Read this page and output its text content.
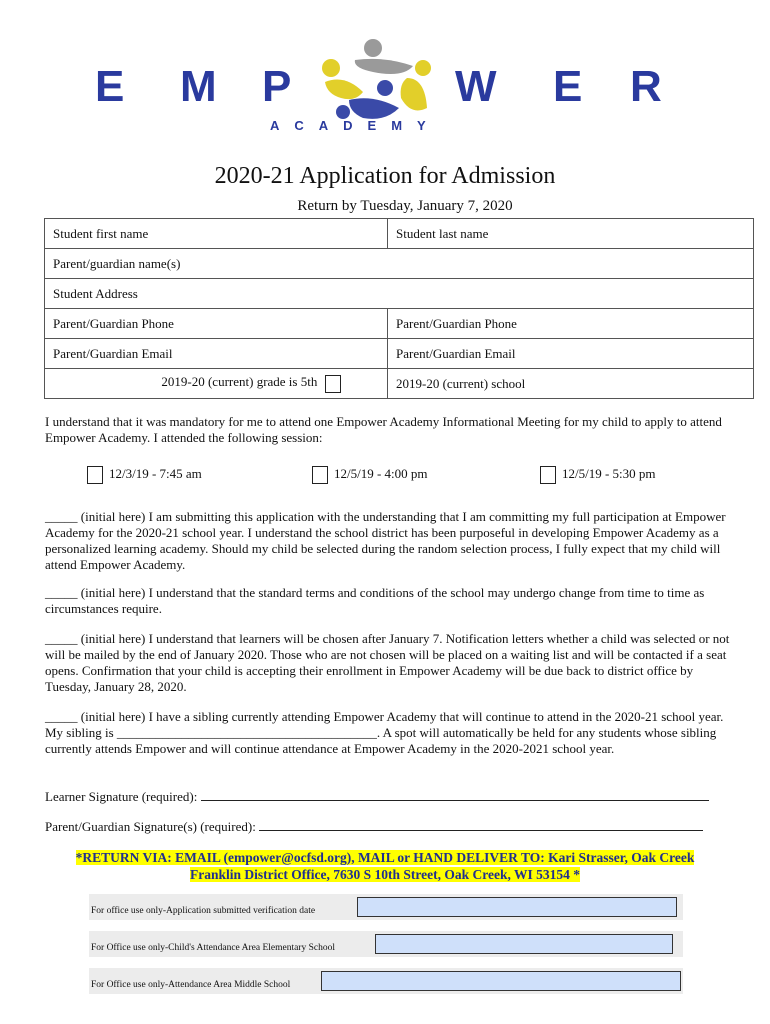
E M P	W E R
ACADEMY
2020-21 Application for Admission
Return by Tuesday, January 7, 2020
Student first name	Student last name
Parent/guardian name(s)	
Student Address	
Parent/Guardian Phone	Parent/Guardian Phone
Parent/Guardian Email	Parent/Guardian Email
2019-20 (current) grade is 5th	2019-20 (current) school
I understand that it was mandatory for me to attend one Empower Academy Informational Meeting for my child to apply to attend Empower Academy. I attended the following session:
12/3/19 - 7:45 am	12/5/19 - 4:00 pm	12/5/19 - 5:30 pm
_____ (initial here) I am submitting this application with the understanding that I am committing my full participation at Empower Academy for the 2020-21 school year. I understand the school district has been purposeful in developing Empower Academy as a personalized learning academy. Should my child be selected during the random selection process, I fully expect that my child will attend Empower Academy.
_____ (initial here) I understand that the standard terms and conditions of the school may undergo change from time to time as circumstances require.
_____ (initial here) I understand that learners will be chosen after January 7. Notification letters whether a child was selected or not will be mailed by the end of January 2020. Those who are not chosen will be placed on a waiting list and will be contacted if a seat opens. Confirmation that your child is accepting their enrollment in Empower Academy will be due back to district office by Tuesday, January 28, 2020.
_____ (initial here) I have a sibling currently attending Empower Academy that will continue to attend in the 2020-21 school year. My sibling is ________________________________________. A spot will automatically be held for any students whose sibling currently attends Empower and will continue attendance at Empower Academy in the 2020-2021 school year.
Learner Signature (required):
Parent/Guardian Signature(s) (required):
*RETURN VIA: EMAIL (empower@ocfsd.org), MAIL or HAND DELIVER TO: Kari Strasser, Oak Creek
Franklin District Office, 7630 S 10th Street, Oak Creek, WI 53154 *
For office use only-Application submitted verification date
For Office use only-Child's Attendance Area Elementary School
For Office use only-Attendance Area Middle School
